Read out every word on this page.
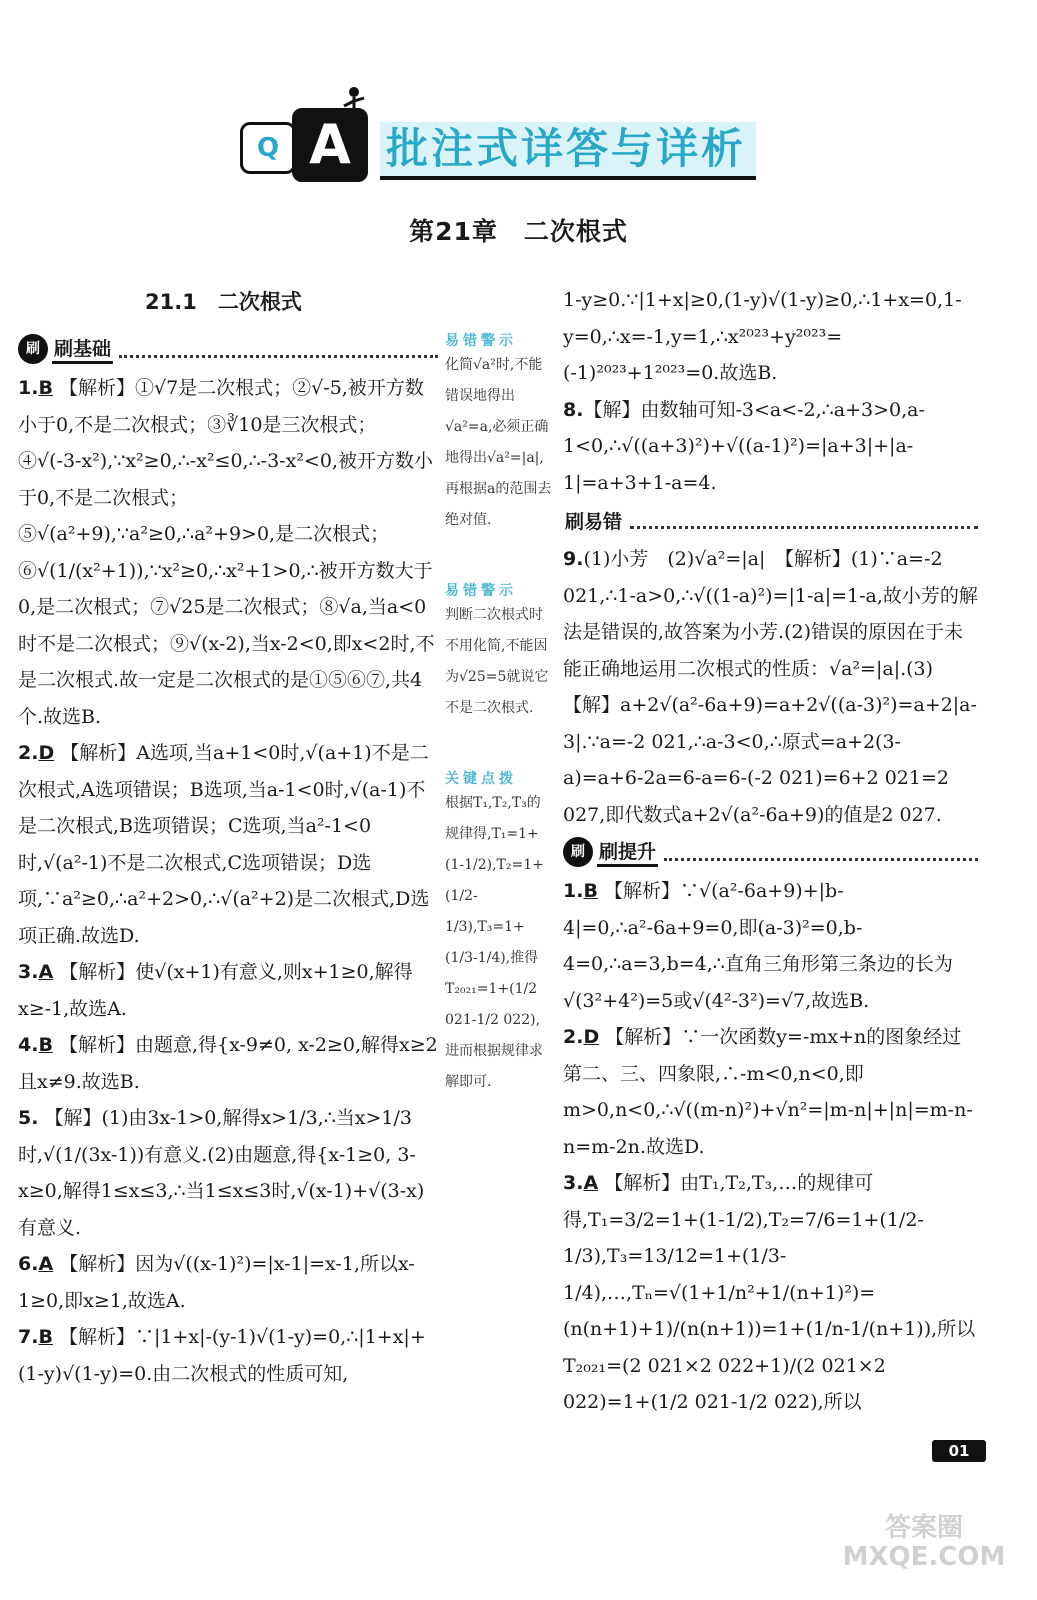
Q A 批注式详答与详析
第21章　二次根式
21.1　二次根式
刷 刷基础
1.B 【解析】①√7是二次根式；②√-5,被开方数小于0,不是二次根式；③∛10是三次根式；④√(-3-x²),∵x²≥0,∴-x²≤0,∴-3-x²<0,被开方数小于0,不是二次根式；⑤√(a²+9),∵a²≥0,∴a²+9>0,是二次根式；⑥√(1/(x²+1)),∵x²≥0,∴x²+1>0,∴被开方数大于0,是二次根式；⑦√25是二次根式；⑧√a,当a<0时不是二次根式；⑨√(x-2),当x-2<0,即x<2时,不是二次根式.故一定是二次根式的是①⑤⑥⑦,共4个.故选B.
2.D 【解析】A选项,当a+1<0时,√(a+1)不是二次根式,A选项错误；B选项,当a-1<0时,√(a-1)不是二次根式,B选项错误；C选项,当a²-1<0时,√(a²-1)不是二次根式,C选项错误；D选项,∵a²≥0,∴a²+2>0,∴√(a²+2)是二次根式,D选项正确.故选D.
3.A 【解析】使√(x+1)有意义,则x+1≥0,解得x≥-1,故选A.
4.B 【解析】由题意,得{x-9≠0, x-2≥0,解得x≥2且x≠9.故选B.
5. 【解】(1)由3x-1>0,解得x>1/3,∴当x>1/3时,√(1/(3x-1))有意义.(2)由题意,得{x-1≥0, 3-x≥0,解得1≤x≤3,∴当1≤x≤3时,√(x-1)+√(3-x)有意义.
6.A 【解析】因为√((x-1)²)=|x-1|=x-1,所以x-1≥0,即x≥1,故选A.
7.B 【解析】∵|1+x|-(y-1)√(1-y)=0,∴|1+x|+(1-y)√(1-y)=0.由二次根式的性质可知,
易错警示
化简√a²时,不能错误地得出√a²=a,必须正确地得出√a²=|a|,再根据a的范围去绝对值.
易错警示
判断二次根式时不用化简,不能因为√25=5就说它不是二次根式.
关键点拨
根据T₁,T₂,T₃的规律得,T₁=1+(1-1/2),T₂=1+(1/2-1/3),T₃=1+(1/3-1/4),推得T₂₀₂₁=1+(1/2 021-1/2 022),进而根据规律求解即可.
1-y≥0.∵|1+x|≥0,(1-y)√(1-y)≥0,∴1+x=0,1-y=0,∴x=-1,y=1,∴x²⁰²³+y²⁰²³=(-1)²⁰²³+1²⁰²³=0.故选B.
8.【解】由数轴可知-3<a<-2,∴a+3>0,a-1<0,∴√((a+3)²)+√((a-1)²)=|a+3|+|a-1|=a+3+1-a=4.
刷易错
9.(1)小芳　(2)√a²=|a|　【解析】(1)∵a=-2 021,∴1-a>0,∴√((1-a)²)=|1-a|=1-a,故小芳的解法是错误的,故答案为小芳.(2)错误的原因在于未能正确地运用二次根式的性质：√a²=|a|.(3)【解】a+2√(a²-6a+9)=a+2√((a-3)²)=a+2|a-3|.∵a=-2 021,∴a-3<0,∴原式=a+2(3-a)=a+6-2a=6-a=6-(-2 021)=6+2 021=2 027,即代数式a+2√(a²-6a+9)的值是2 027.
刷 刷提升
1.B 【解析】∵√(a²-6a+9)+|b-4|=0,∴a²-6a+9=0,即(a-3)²=0,b-4=0,∴a=3,b=4,∴直角三角形第三条边的长为√(3²+4²)=5或√(4²-3²)=√7,故选B.
2.D 【解析】∵一次函数y=-mx+n的图象经过第二、三、四象限,∴-m<0,n<0,即m>0,n<0,∴√((m-n)²)+√n²=|m-n|+|n|=m-n-n=m-2n.故选D.
3.A 【解析】由T₁,T₂,T₃,…的规律可得,T₁=3/2=1+(1-1/2),T₂=7/6=1+(1/2-1/3),T₃=13/12=1+(1/3-1/4),…,Tₙ=√(1+1/n²+1/(n+1)²)=(n(n+1)+1)/(n(n+1))=1+(1/n-1/(n+1)),所以T₂₀₂₁=(2 021×2 022+1)/(2 021×2 022)=1+(1/2 021-1/2 022),所以
01
答案圈 MXQE.COM
